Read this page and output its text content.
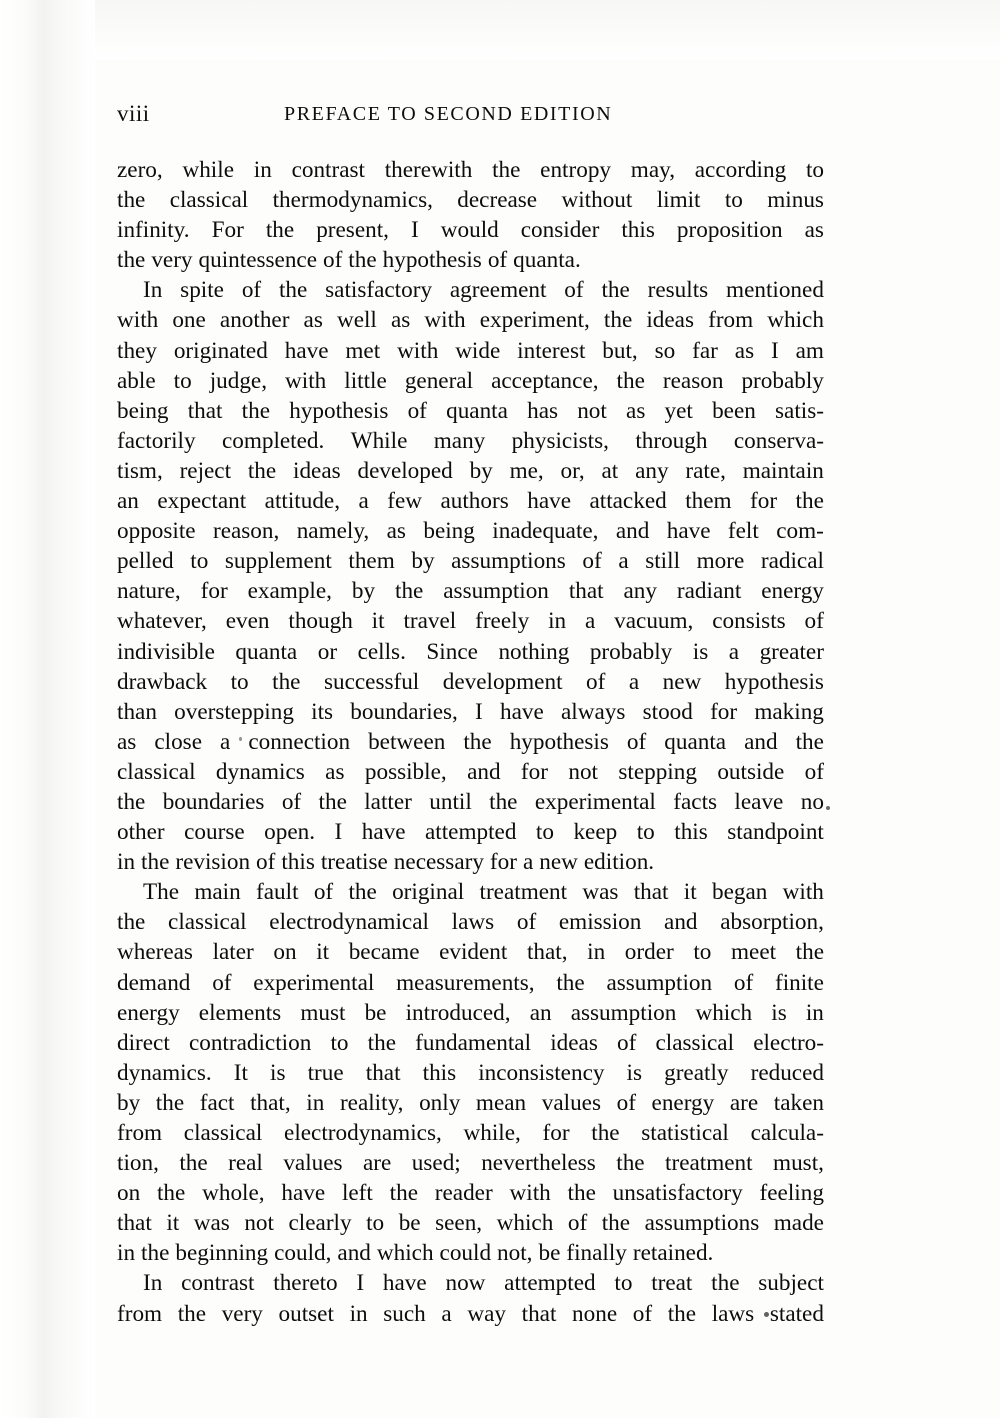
viii	PREFACE TO SECOND EDITION
zero, while in contrast therewith the entropy may, according to
the classical thermodynamics, decrease without limit to minus
infinity. For the present, I would consider this proposition as
the very quintessence of the hypothesis of quanta.
In spite of the satisfactory agreement of the results mentioned
with one another as well as with experiment, the ideas from which
they originated have met with wide interest but, so far as I am
able to judge, with little general acceptance, the reason probably
being that the hypothesis of quanta has not as yet been satis-
factorily completed. While many physicists, through conserva-
tism, reject the ideas developed by me, or, at any rate, maintain
an expectant attitude, a few authors have attacked them for the
opposite reason, namely, as being inadequate, and have felt com-
pelled to supplement them by assumptions of a still more radical
nature, for example, by the assumption that any radiant energy
whatever, even though it travel freely in a vacuum, consists of
indivisible quanta or cells. Since nothing probably is a greater
drawback to the successful development of a new hypothesis
than overstepping its boundaries, I have always stood for making
as close a connection between the hypothesis of quanta and the
classical dynamics as possible, and for not stepping outside of
the boundaries of the latter until the experimental facts leave no
other course open. I have attempted to keep to this standpoint
in the revision of this treatise necessary for a new edition.
The main fault of the original treatment was that it began with
the classical electrodynamical laws of emission and absorption,
whereas later on it became evident that, in order to meet the
demand of experimental measurements, the assumption of finite
energy elements must be introduced, an assumption which is in
direct contradiction to the fundamental ideas of classical electro-
dynamics. It is true that this inconsistency is greatly reduced
by the fact that, in reality, only mean values of energy are taken
from classical electrodynamics, while, for the statistical calcula-
tion, the real values are used; nevertheless the treatment must,
on the whole, have left the reader with the unsatisfactory feeling
that it was not clearly to be seen, which of the assumptions made
in the beginning could, and which could not, be finally retained.
In contrast thereto I have now attempted to treat the subject
from the very outset in such a way that none of the laws stated
